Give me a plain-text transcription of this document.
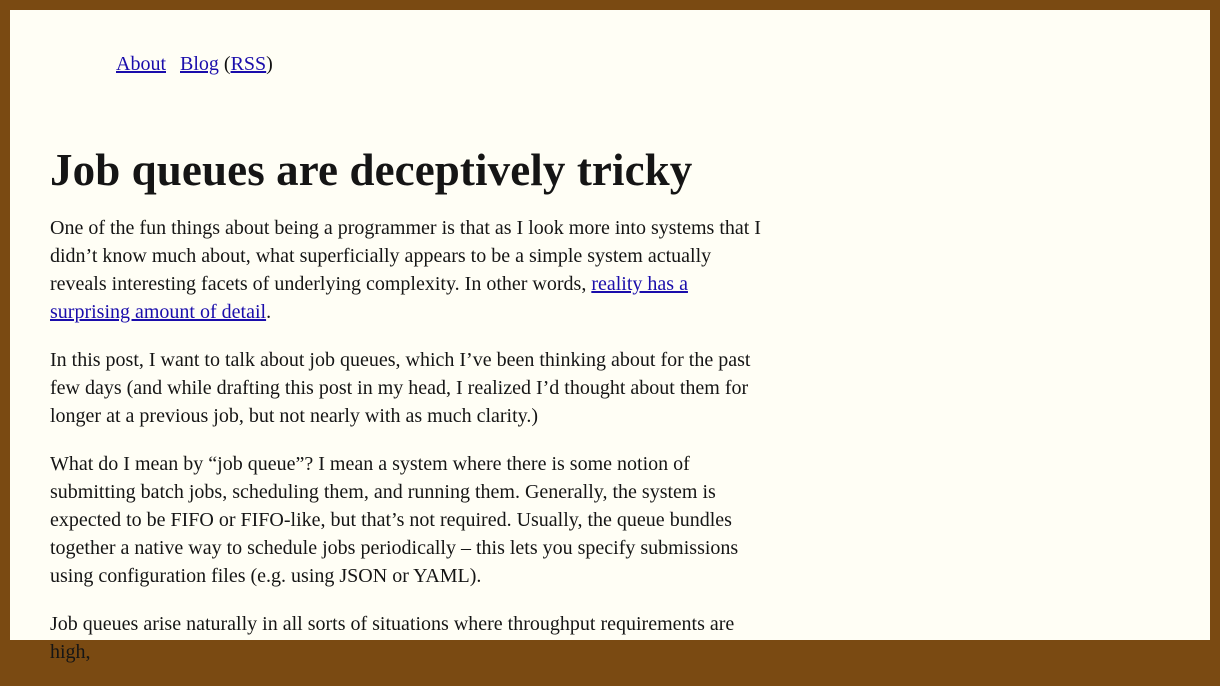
About Blog (RSS)
Job queues are deceptively tricky

One of the fun things about being a programmer is that as I look more into systems that I didn’t know much about, what superficially appears to be a simple system actually reveals interesting facets of underlying complexity. In other words, reality has a surprising amount of detail.

In this post, I want to talk about job queues, which I’ve been thinking about for the past few days (and while drafting this post in my head, I realized I’d thought about them for longer at a previous job, but not nearly with as much clarity.)

What do I mean by “job queue”? I mean a system where there is some notion of submitting batch jobs, scheduling them, and running them. Generally, the system is expected to be FIFO or FIFO-like, but that’s not required. Usually, the queue bundles together a native way to schedule jobs periodically – this lets you specify submissions using configuration files (e.g. using JSON or YAML).

Job queues arise naturally in all sorts of situations where throughput requirements are high,
